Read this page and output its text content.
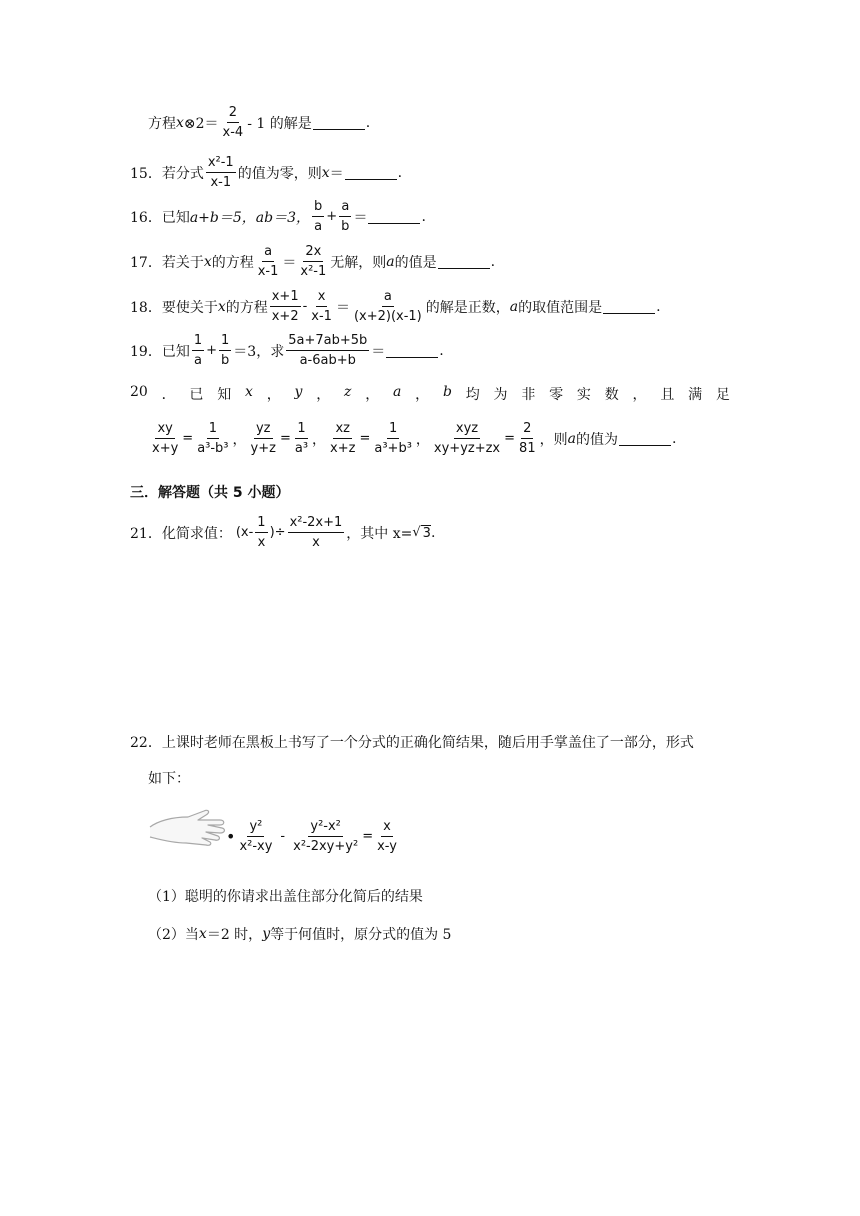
方程 x ⊗2＝ $\frac{2}{x-4} - 1$ 的解是	.
15． 若分式 $\frac{\text{x²-1}}{x-1}$ 的值为零，则 x ＝	.
16． 已知 a+b＝5，ab＝3， $\frac{b}{a} + \frac{a}{b}$ ＝	.
17． 若关于 x 的方程 $\frac{a}{x-1} = \frac{2x}{\text{x²-1}}$ 无解，则 a 的值是	.
18． 要使关于 x 的方程 $\frac{x+1}{x+2} - \frac{x}{x-1} = \frac{a}{(x+2)(x-1)}$ 的解是正数， a 的取值范围是	.
19． 已知 $\frac{1}{a} + \frac{1}{b} =3$，求 $\frac{5a+7ab+5b}{a-6ab+b}$ ＝	.
20 ． 已 知 x ， y ， z ， a ， b 均 为 非 零 实 数 ， 且 满 足
$\frac{xy}{x+y} = \frac{1}{\text{a³-b³}}$ ， $\frac{yz}{y+z} = \frac{1}{\text{a³}}$ ， $\frac{xz}{x+z} = \frac{1}{\text{a³+b³}}$ ， $\frac{\text{xyz}}{xy+yz+zx} = \frac{2}{81}$ ， 则 a 的值为	.
三．解答题（共 5 小题）
21． 化简求值： ($x- \frac{1}{x}$ ) ÷ $\frac{\text{x²-2x+1}}{x}$ ，其中 x= √ 3 .
22． 上课时老师在黑板上书写了一个分式的正确化简结果，随后用手掌盖住了一部分，形式
如下：
• $\frac{\text{y²}}{\text{x²-xy}} - \frac{\text{y²-x²}}{\text{x²-2xy+y²}} = \frac{x}{x-y}$
（1）聪明的你请求出盖住部分化简后的结果
（2）当 x ＝2 时， y 等于何值时，原分式的值为 5
